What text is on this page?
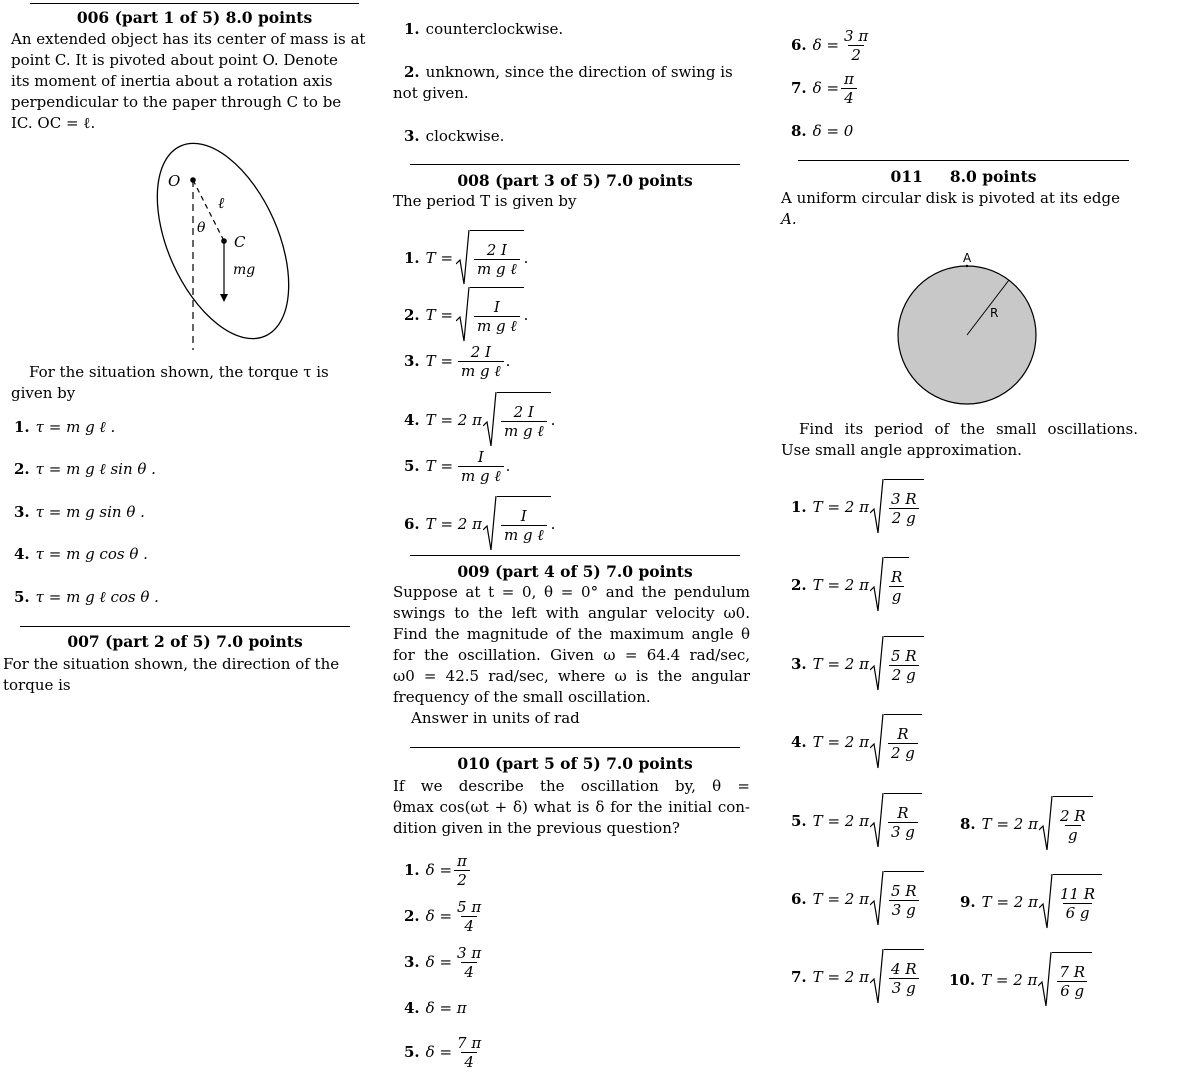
006 (part 1 of 5) 8.0 points
An extended object has its center of mass is at
point C. It is pivoted about point O. Denote
its moment of inertia about a rotation axis
perpendicular to the paper through C to be
IC. OC = ℓ.
O
C
ℓ
θ
mg
For the situation shown, the torque τ is
given by
1. τ = m g ℓ .
2. τ = m g ℓ sin θ .
3. τ = m g sin θ .
4. τ = m g cos θ .
5. τ = m g ℓ cos θ .
007 (part 2 of 5) 7.0 points
For the situation shown, the direction of the
torque is
1. counterclockwise.
2. unknown, since the direction of swing is
not given.
3. clockwise.
008 (part 3 of 5) 7.0 points
The period T is given by
1. $T = \frac{2 I}{\text{m g ℓ}}$ .
2. $T = \frac{I}{\text{m g ℓ}}$ .
3. $T = \frac{2 I}{\text{m g ℓ}}$ .
4. T = 2 π $\frac{2 I}{\text{m g ℓ}}$ .
5. $T = \frac{I}{\text{m g ℓ}}$ .
6. T = 2 π $\frac{I}{\text{m g ℓ}}$ .
009 (part 4 of 5) 7.0 points
Suppose at t = 0, θ = 0° and the pendulum
swings to the left with angular velocity ω0.
Find the magnitude of the maximum angle θ
for the oscillation. Given ω = 64.4 rad/sec,
ω0 = 42.5 rad/sec, where ω is the angular
frequency of the small oscillation.
Answer in units of rad
010 (part 5 of 5) 7.0 points
If we describe the oscillation by, θ =
θmax cos(ωt + δ) what is δ for the initial con-
dition given in the previous question?
1. $\delta = \frac{\pi}{2}$
2. $\delta = \frac{5 \pi}{4}$
3. $\delta = \frac{3 \pi}{4}$
4. δ = π
5. $\delta = \frac{7 \pi}{4}$
6. $\delta = \frac{3 \pi}{2}$
7. $\delta = \frac{\pi}{4}$
8. δ = 0
011     8.0 points
A uniform circular disk is pivoted at its edge
A.
A
R
Find its period of the small oscillations.
Use small angle approximation.
1. T = 2 π $\frac{3 R}{2 g}$
2. T = 2 π $\frac{R}{g}$
3. T = 2 π $\frac{5 R}{2 g}$
4. T = 2 π $\frac{R}{2 g}$
5. T = 2 π $\frac{R}{3 g}$
6. T = 2 π $\frac{5 R}{3 g}$
7. T = 2 π $\frac{4 R}{3 g}$
8. T = 2 π $\frac{2 R}{g}$
9. T = 2 π $\frac{11 R}{6 g}$
10. T = 2 π $\frac{7 R}{6 g}$
